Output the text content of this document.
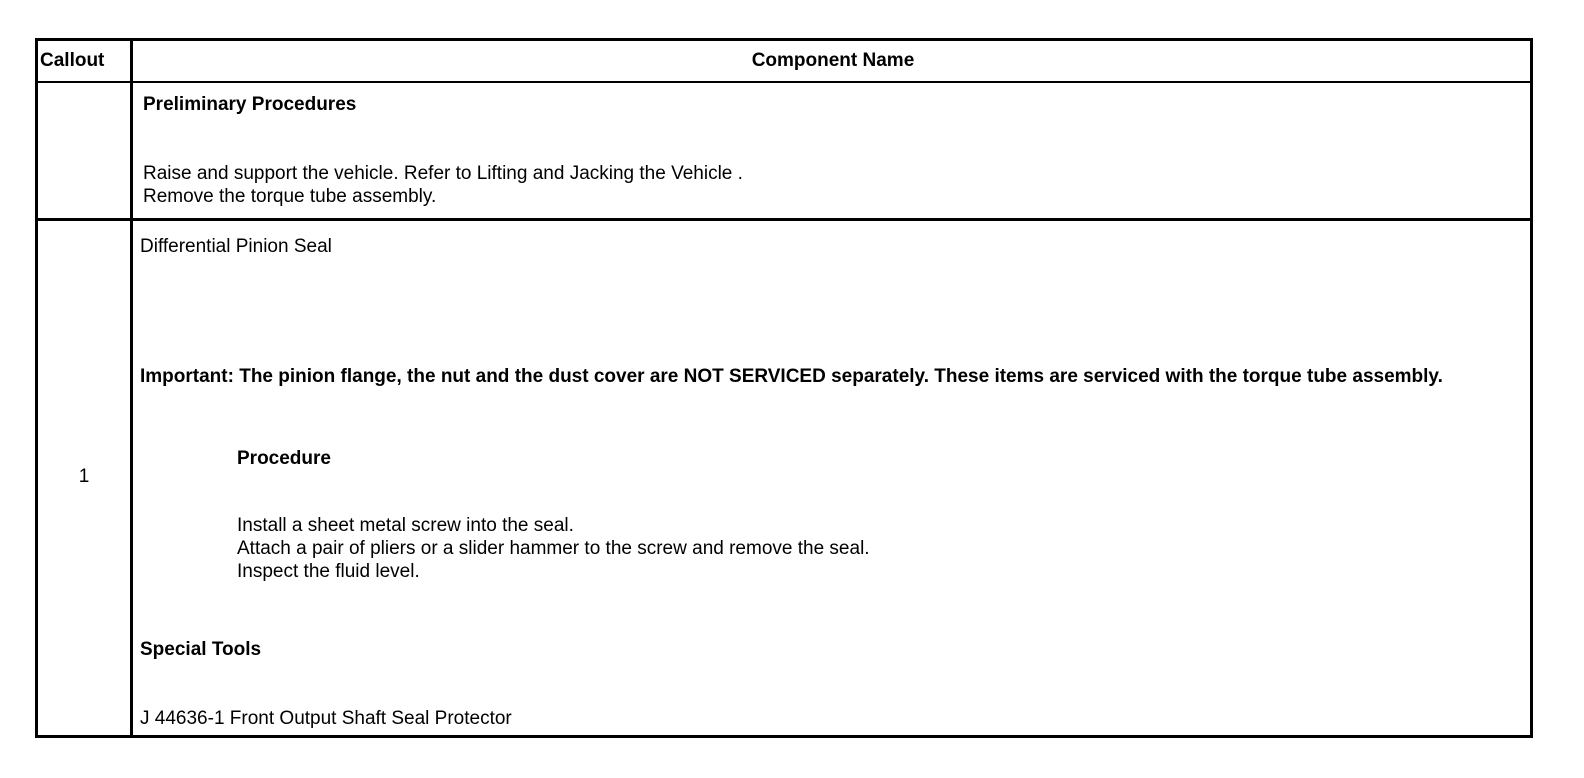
Callout	Component Name
Preliminary Procedures
Raise and support the vehicle. Refer to Lifting and Jacking the Vehicle .
Remove the torque tube assembly.
1
Differential Pinion Seal
Important: The pinion flange, the nut and the dust cover are NOT SERVICED separately. These items are serviced with the torque tube assembly.
Procedure
Install a sheet metal screw into the seal.
Attach a pair of pliers or a slider hammer to the screw and remove the seal.
Inspect the fluid level.
Special Tools
J 44636-1 Front Output Shaft Seal Protector
